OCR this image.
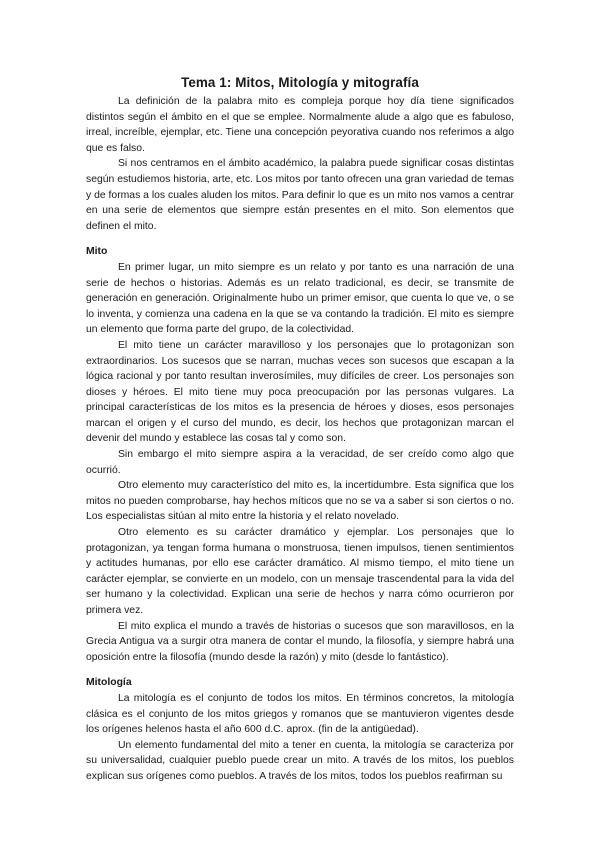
Tema 1: Mitos, Mitología y mitografía

La definición de la palabra mito es compleja porque hoy día tiene significados distintos según el ámbito en el que se emplee. Normalmente alude a algo que es fabuloso, irreal, increíble, ejemplar, etc. Tiene una concepción peyorativa cuando nos referimos a algo que es falso.

Si nos centramos en el ámbito académico, la palabra puede significar cosas distintas según estudiemos historia, arte, etc. Los mitos por tanto ofrecen una gran variedad de temas y de formas a los cuales aluden los mitos. Para definir lo que es un mito nos vamos a centrar en una serie de elementos que siempre están presentes en el mito. Son elementos que definen el mito.

Mito

En primer lugar, un mito siempre es un relato y por tanto es una narración de una serie de hechos o historias. Además es un relato tradicional, es decir, se transmite de generación en generación. Originalmente hubo un primer emisor, que cuenta lo que ve, o se lo inventa, y comienza una cadena en la que se va contando la tradición. El mito es siempre un elemento que forma parte del grupo, de la colectividad.

El mito tiene un carácter maravilloso y los personajes que lo protagonizan son extraordinarios. Los sucesos que se narran, muchas veces son sucesos que escapan a la lógica racional y por tanto resultan inverosímiles, muy difíciles de creer. Los personajes son dioses y héroes. El mito tiene muy poca preocupación por las personas vulgares. La principal características de los mitos es la presencia de héroes y dioses, esos personajes marcan el origen y el curso del mundo, es decir, los hechos que protagonizan marcan el devenir del mundo y establece las cosas tal y como son.

Sin embargo el mito siempre aspira a la veracidad, de ser creído como algo que ocurrió.

Otro elemento muy característico del mito es, la incertidumbre. Esta significa que los mitos no pueden comprobarse, hay hechos míticos que no se va a saber si son ciertos o no. Los especialistas sitúan al mito entre la historia y el relato novelado.

Otro elemento es su carácter dramático y ejemplar. Los personajes que lo protagonizan, ya tengan forma humana o monstruosa, tienen impulsos, tienen sentimientos y actitudes humanas, por ello ese carácter dramático. Al mismo tiempo, el mito tiene un carácter ejemplar, se convierte en un modelo, con un mensaje trascendental para la vida del ser humano y la colectividad. Explican una serie de hechos y narra cómo ocurrieron por primera vez.

El mito explica el mundo a través de historias o sucesos que son maravillosos, en la Grecia Antigua va a surgir otra manera de contar el mundo, la filosofía, y siempre habrá una oposición entre la filosofía (mundo desde la razón) y mito (desde lo fantástico).

Mitología

La mitología es el conjunto de todos los mitos. En términos concretos, la mitología clásica es el conjunto de los mitos griegos y romanos que se mantuvieron vigentes desde los orígenes helenos hasta el año 600 d.C. aprox. (fin de la antigüedad).

Un elemento fundamental del mito a tener en cuenta, la mitología se caracteriza por su universalidad, cualquier pueblo puede crear un mito. A través de los mitos, los pueblos explican sus orígenes como pueblos. A través de los mitos, todos los pueblos reafirman su
